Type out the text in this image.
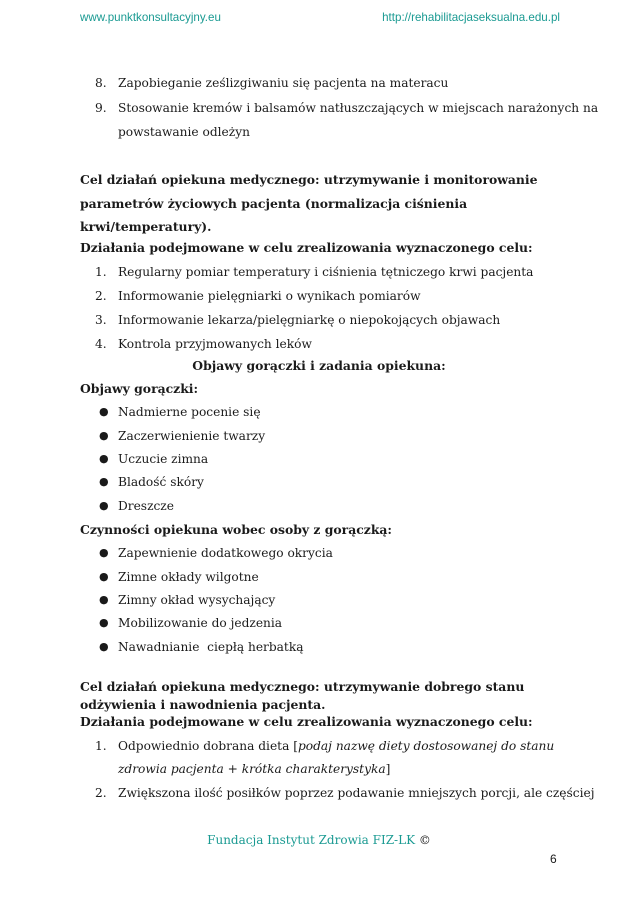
www.punktkonsultacyjny.eu	http://rehabilitacjaseksualna.edu.pl
8. Zapobieganie ześlizgiwaniu się pacjenta na materacu
9. Stosowanie kremów i balsamów natłuszczających w miejscach narażonych na
powstawanie odleżyn
Cel działań opiekuna medycznego: utrzymywanie i monitorowanie
parametrów życiowych pacjenta (normalizacja ciśnienia
krwi/temperatury).
Działania podejmowane w celu zrealizowania wyznaczonego celu:
1. Regularny pomiar temperatury i ciśnienia tętniczego krwi pacjenta
2. Informowanie pielęgniarki o wynikach pomiarów
3. Informowanie lekarza/pielęgniarkę o niepokojących objawach
4. Kontrola przyjmowanych leków
Objawy gorączki i zadania opiekuna:
Objawy gorączki:
● Nadmierne pocenie się
● Zaczerwienienie twarzy
● Uczucie zimna
● Bladość skóry
● Dreszcze
Czynności opiekuna wobec osoby z gorączką:
● Zapewnienie dodatkowego okrycia
● Zimne okłady wilgotne
● Zimny okład wysychający
● Mobilizowanie do jedzenia
● Nawadnianie  ciepłą herbatką
Cel działań opiekuna medycznego: utrzymywanie dobrego stanu
odżywienia i nawodnienia pacjenta.
Działania podejmowane w celu zrealizowania wyznaczonego celu:
1. Odpowiednio dobrana dieta [podaj nazwę diety dostosowanej do stanu
zdrowia pacjenta + krótka charakterystyka]
2. Zwiększona ilość posiłków poprzez podawanie mniejszych porcji, ale częściej
Fundacja Instytut Zdrowia FIZ-LK ©
6
